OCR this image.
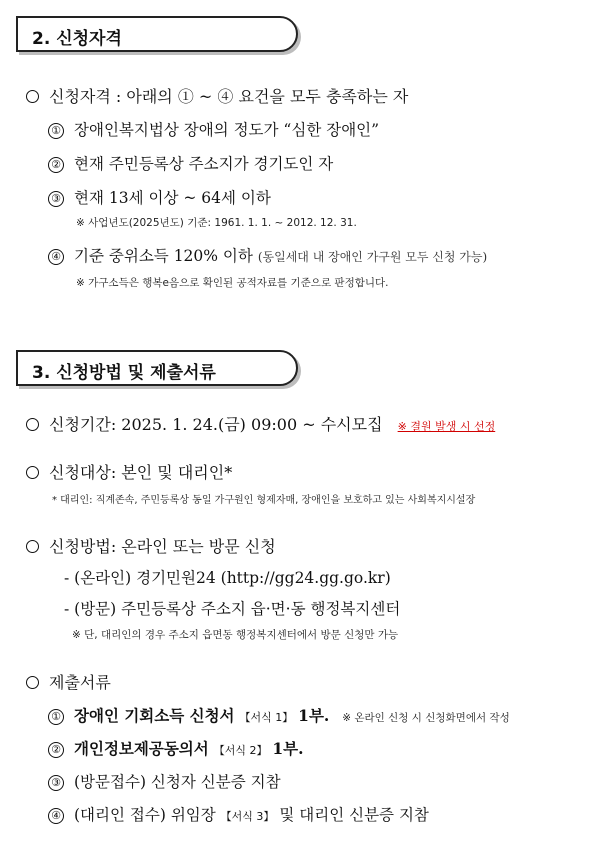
2. 신청자격
신청자격 : 아래의 ① ~ ④ 요건을 모두 충족하는 자
① 장애인복지법상 장애의 정도가 “심한 장애인”
② 현재 주민등록상 주소지가 경기도인 자
③ 현재 13세 이상 ~ 64세 이하
※ 사업년도(2025년도) 기준: 1961. 1. 1. ~ 2012. 12. 31.
④ 기준 중위소득 120% 이하 (동일세대 내 장애인 가구원 모두 신청 가능)
※ 가구소득은 행복e음으로 확인된 공적자료를 기준으로 판정합니다.
3. 신청방법 및 제출서류
신청기간: 2025. 1. 24.(금) 09:00 ~ 수시모집 ※ 결원 발생 시 선정
신청대상: 본인 및 대리인*
* 대리인: 직계존속, 주민등록상 동일 가구원인 형제자매, 장애인을 보호하고 있는 사회복지시설장
신청방법: 온라인 또는 방문 신청
- (온라인) 경기민원24 (http://gg24.gg.go.kr)
- (방문) 주민등록상 주소지 읍·면·동 행정복지센터
※ 단, 대리인의 경우 주소지 읍면동 행정복지센터에서 방문 신청만 가능
제출서류
① 장애인 기회소득 신청서 【서식 1】 1부. ※ 온라인 신청 시 신청화면에서 작성
② 개인정보제공동의서 【서식 2】 1부.
③ (방문접수) 신청자 신분증 지참
④ (대리인 접수) 위임장 【서식 3】 및 대리인 신분증 지참
